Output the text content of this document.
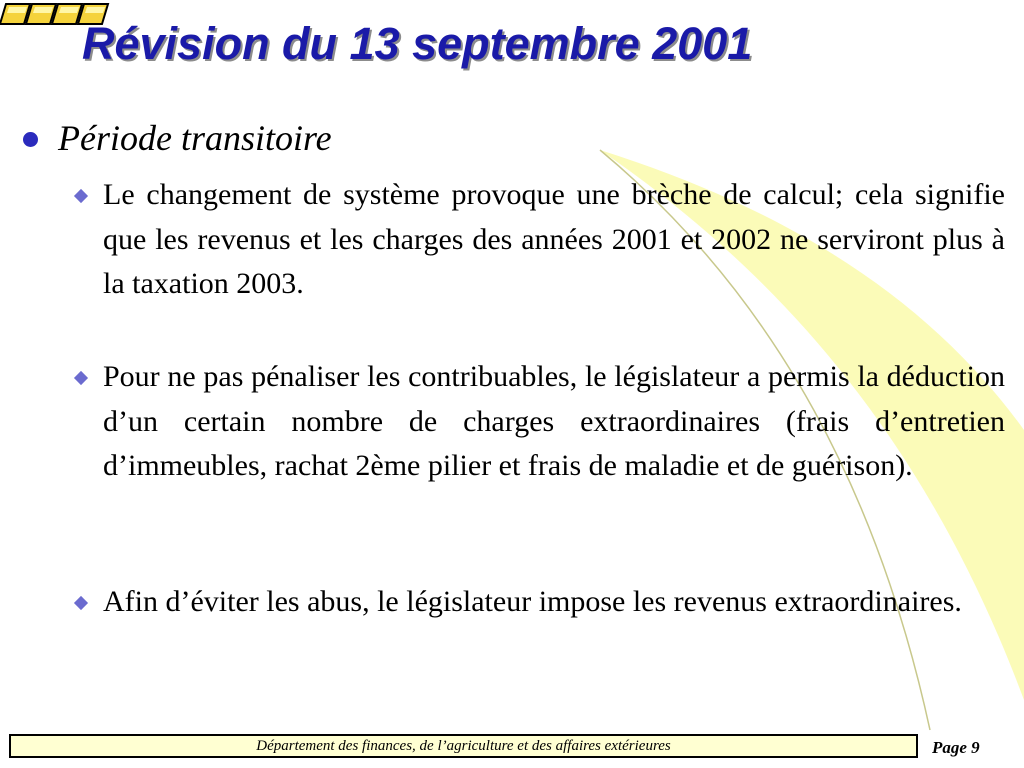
Révision du 13 septembre 2001
Période transitoire

Le changement de système provoque une brèche de calcul; cela signifie que les revenus et les charges des années 2001 et 2002 ne serviront plus à la taxation 2003.

Pour ne pas pénaliser les contribuables, le législateur a permis la déduction d’un certain nombre de charges extraordinaires (frais d’entretien d’immeubles, rachat 2ème pilier et frais de maladie et de guérison).

Afin d’éviter les abus, le législateur impose les revenus extraordinaires.

Département des finances, de l’agriculture et des affaires extérieures	Page 9
